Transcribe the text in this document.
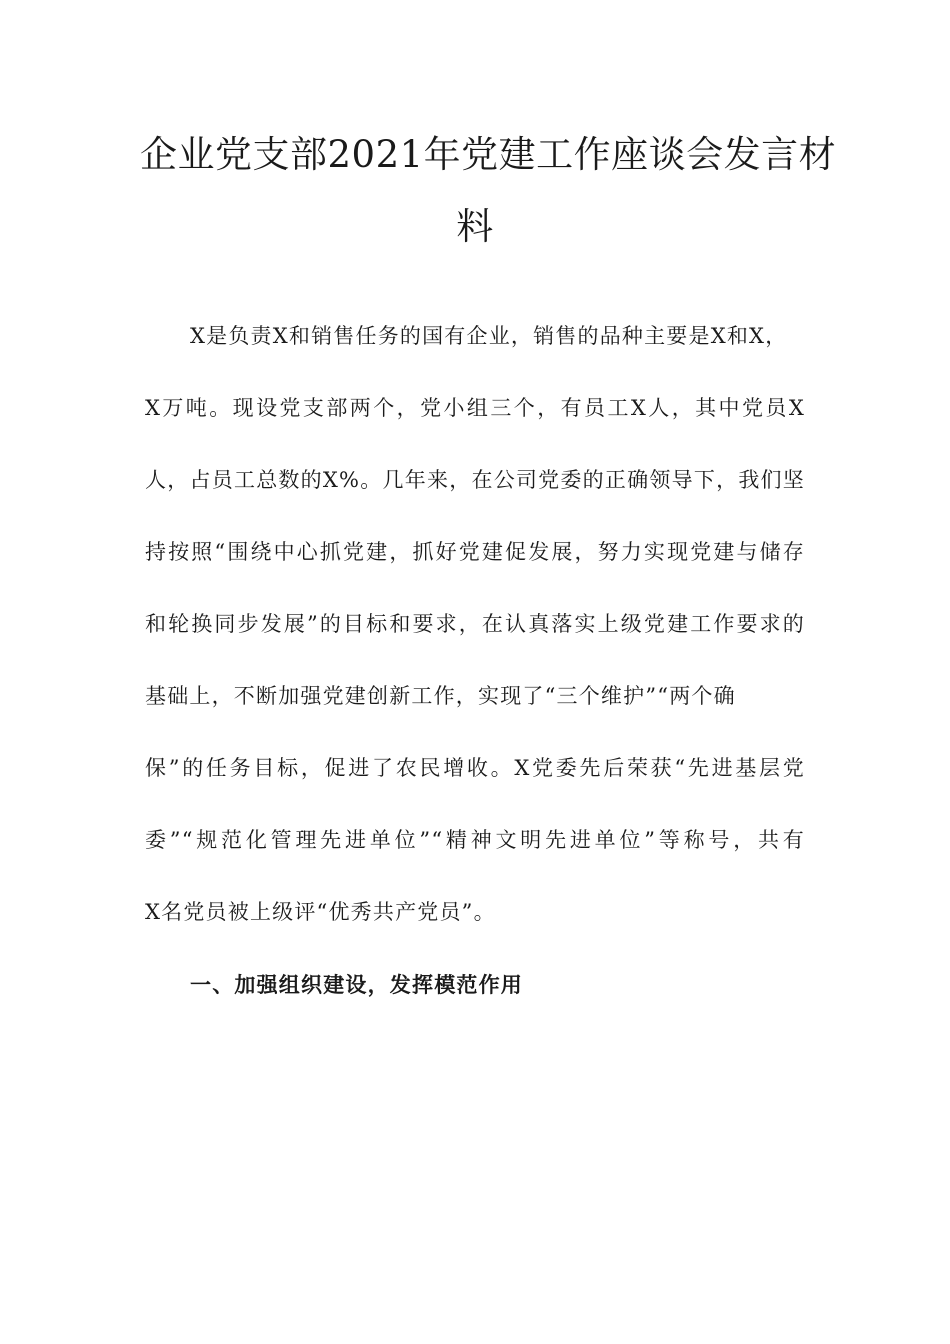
企业党支部2021年党建工作座谈会发言材
料

X是负责X和销售任务的国有企业，销售的品种主要是X和X，

X万吨。现设党支部两个，党小组三个，有员工X人，其中党员X

人，占员工总数的X%。几年来，在公司党委的正确领导下，我们坚

持按照“围绕中心抓党建，抓好党建促发展，努力实现党建与储存

和轮换同步发展”的目标和要求，在认真落实上级党建工作要求的

基础上，不断加强党建创新工作，实现了“三个维护”“两个确

保”的任务目标，促进了农民增收。X党委先后荣获“先进基层党

委”“规范化管理先进单位”“精神文明先进单位”等称号，共有

X名党员被上级评“优秀共产党员”。

一、加强组织建设，发挥模范作用
